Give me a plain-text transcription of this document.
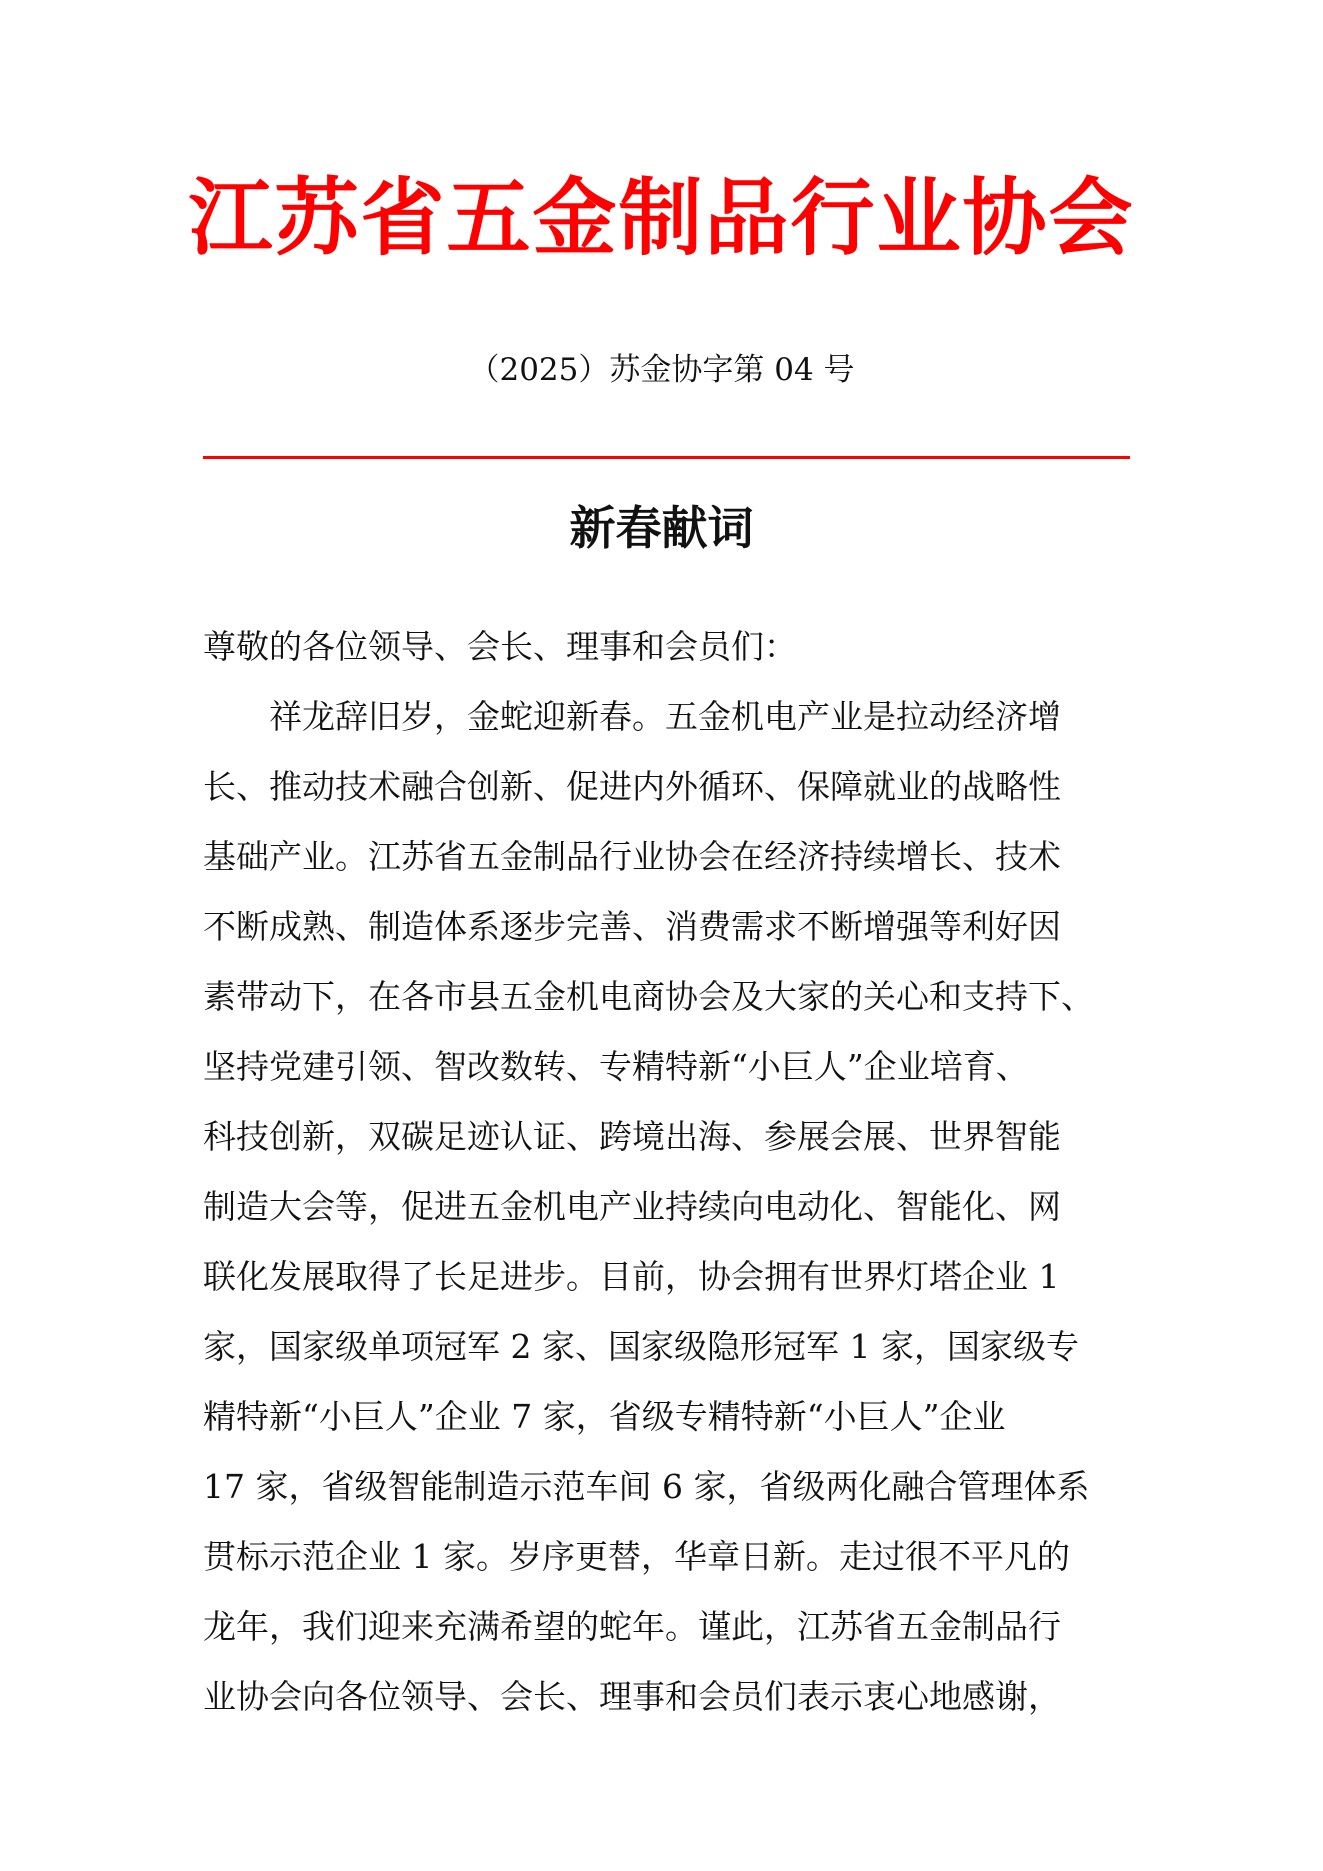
江苏省五金制品行业协会
（2025）苏金协字第 04 号
新春献词
尊敬的各位领导、会长、理事和会员们：
　　祥龙辞旧岁，金蛇迎新春。五金机电产业是拉动经济增
长、推动技术融合创新、促进内外循环、保障就业的战略性
基础产业。江苏省五金制品行业协会在经济持续增长、技术
不断成熟、制造体系逐步完善、消费需求不断增强等利好因
素带动下，在各市县五金机电商协会及大家的关心和支持下、
坚持党建引领、智改数转、专精特新“小巨人”企业培育、
科技创新，双碳足迹认证、跨境出海、参展会展、世界智能
制造大会等，促进五金机电产业持续向电动化、智能化、网
联化发展取得了长足进步。目前，协会拥有世界灯塔企业 1
家，国家级单项冠军 2 家、国家级隐形冠军 1 家，国家级专
精特新“小巨人”企业 7 家，省级专精特新“小巨人”企业
17 家，省级智能制造示范车间 6 家，省级两化融合管理体系
贯标示范企业 1 家。岁序更替，华章日新。走过很不平凡的
龙年，我们迎来充满希望的蛇年。谨此，江苏省五金制品行
业协会向各位领导、会长、理事和会员们表示衷心地感谢，
